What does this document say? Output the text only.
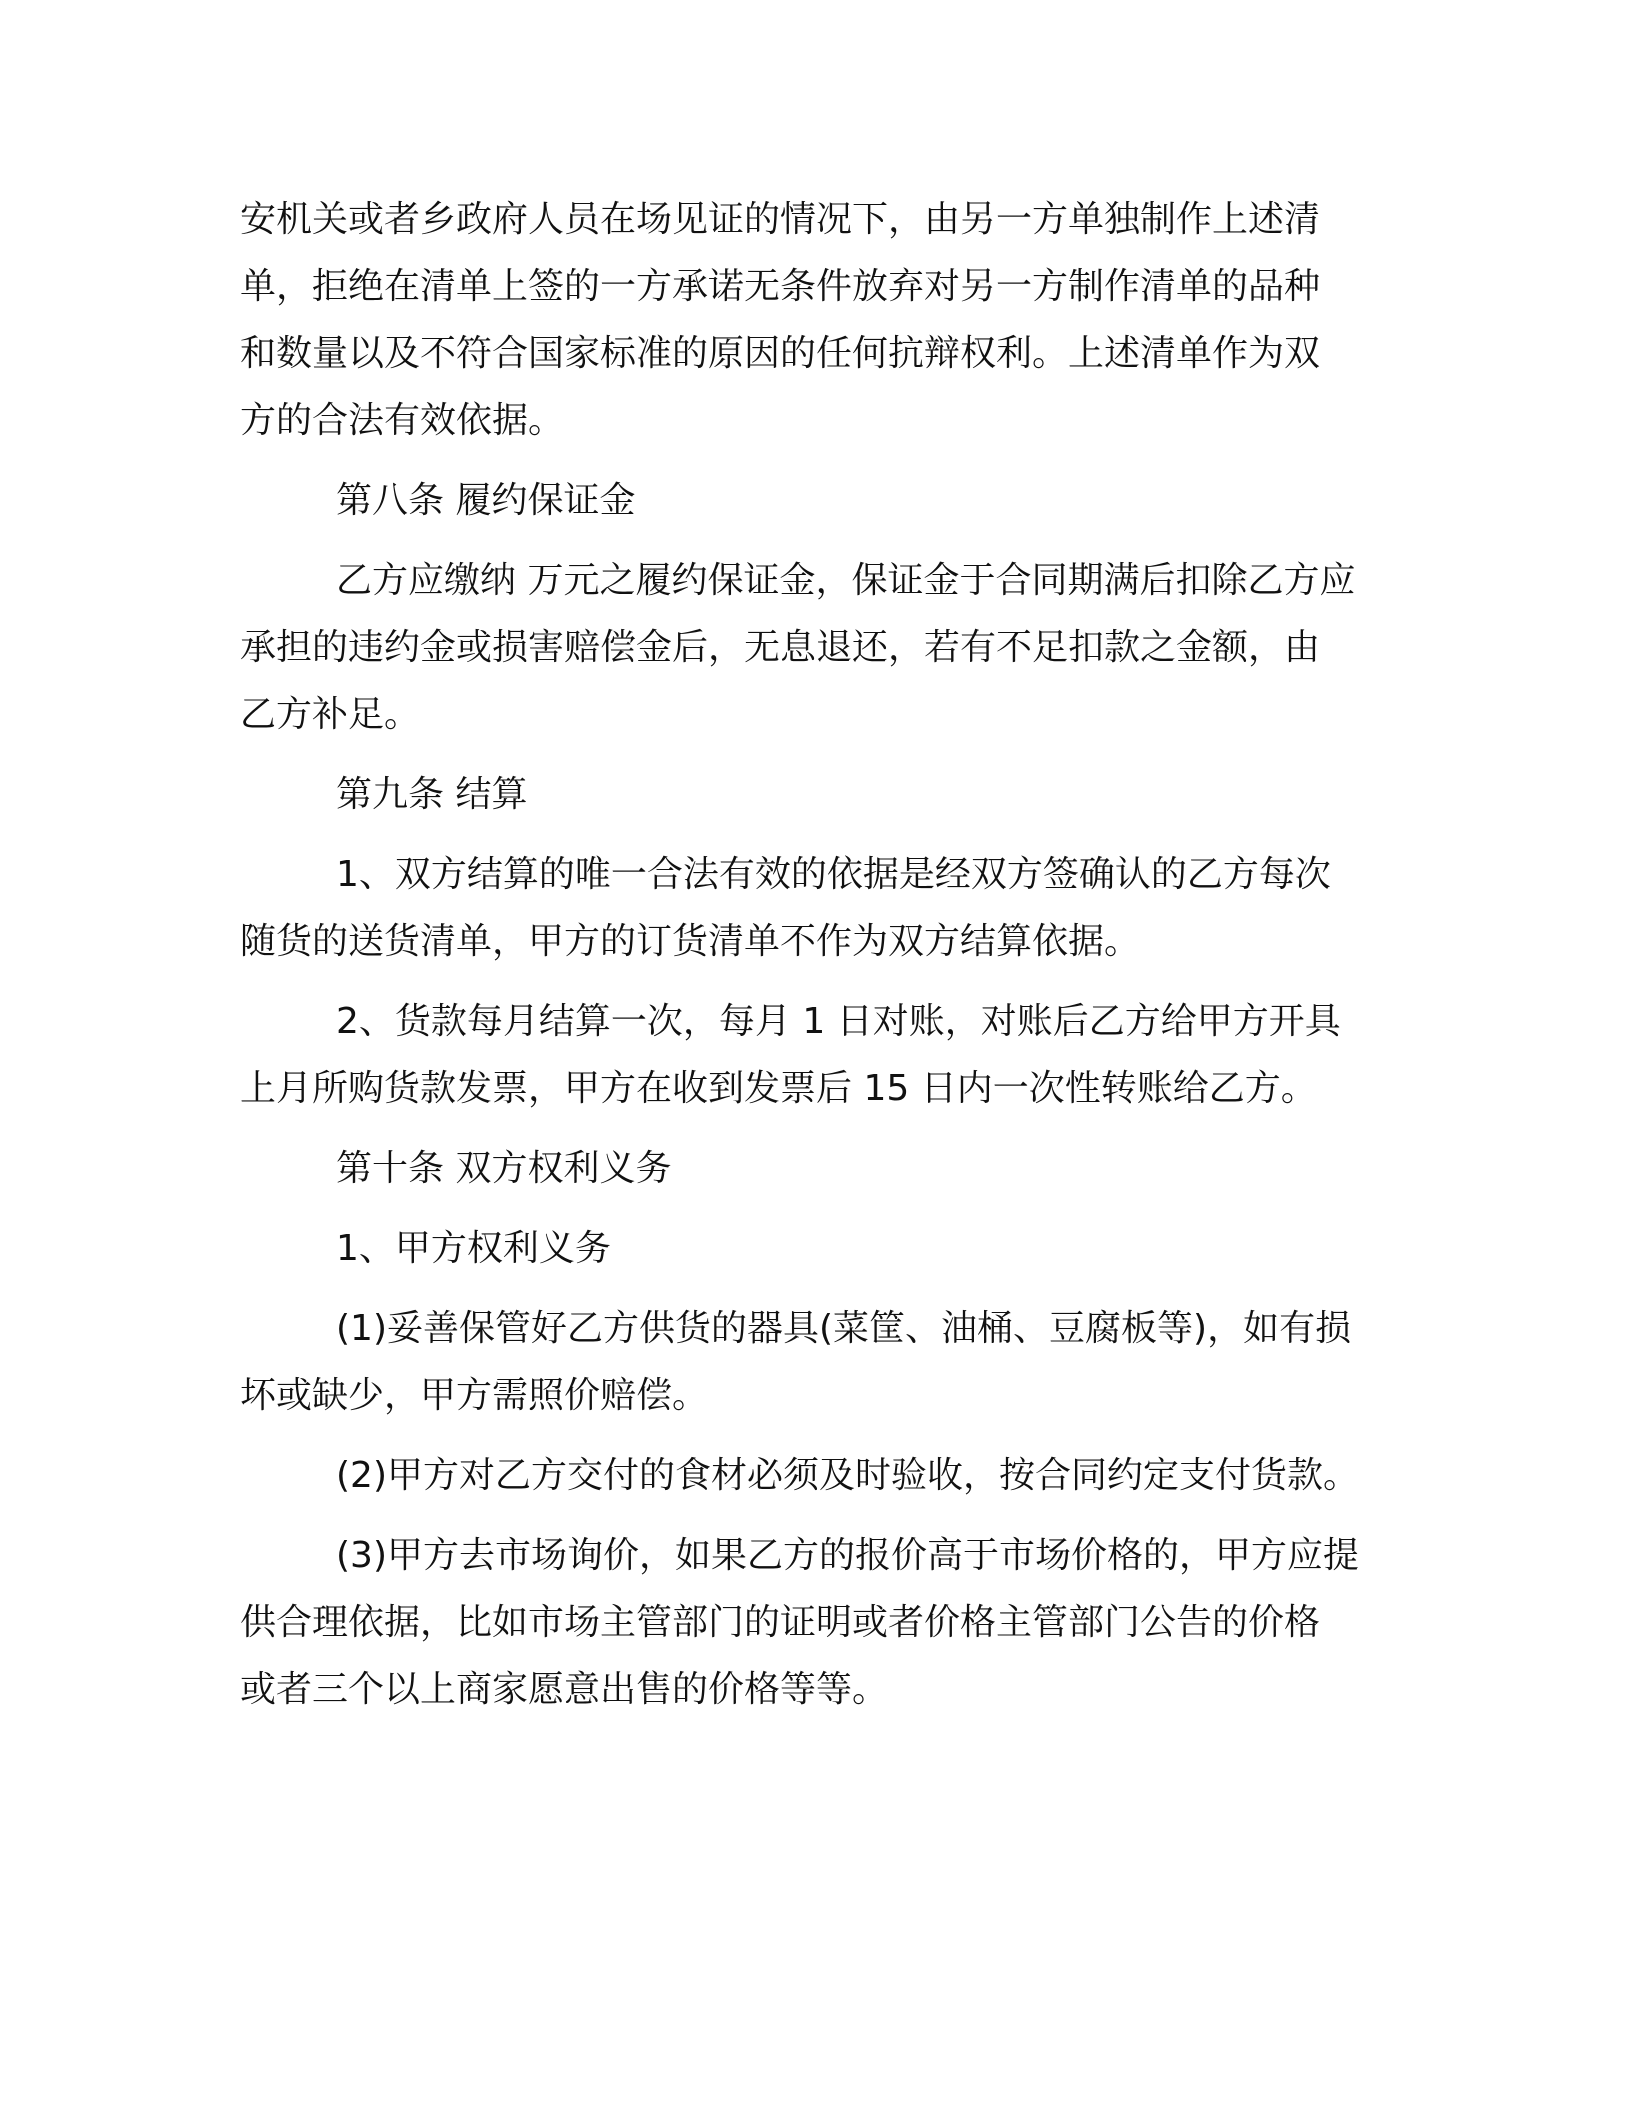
安机关或者乡政府人员在场见证的情况下，由另一方单独制作上述清
单，拒绝在清单上签的一方承诺无条件放弃对另一方制作清单的品种
和数量以及不符合国家标准的原因的任何抗辩权利。上述清单作为双
方的合法有效依据。

第八条 履约保证金

乙方应缴纳 万元之履约保证金，保证金于合同期满后扣除乙方应
承担的违约金或损害赔偿金后，无息退还，若有不足扣款之金额，由
乙方补足。

第九条 结算

1、双方结算的唯一合法有效的依据是经双方签确认的乙方每次
随货的送货清单，甲方的订货清单不作为双方结算依据。

2、货款每月结算一次，每月 1 日对账，对账后乙方给甲方开具
上月所购货款发票，甲方在收到发票后 15 日内一次性转账给乙方。

第十条 双方权利义务

1、甲方权利义务

(1)妥善保管好乙方供货的器具(菜筐、油桶、豆腐板等)，如有损
坏或缺少，甲方需照价赔偿。

(2)甲方对乙方交付的食材必须及时验收，按合同约定支付货款。

(3)甲方去市场询价，如果乙方的报价高于市场价格的，甲方应提
供合理依据，比如市场主管部门的证明或者价格主管部门公告的价格
或者三个以上商家愿意出售的价格等等。
